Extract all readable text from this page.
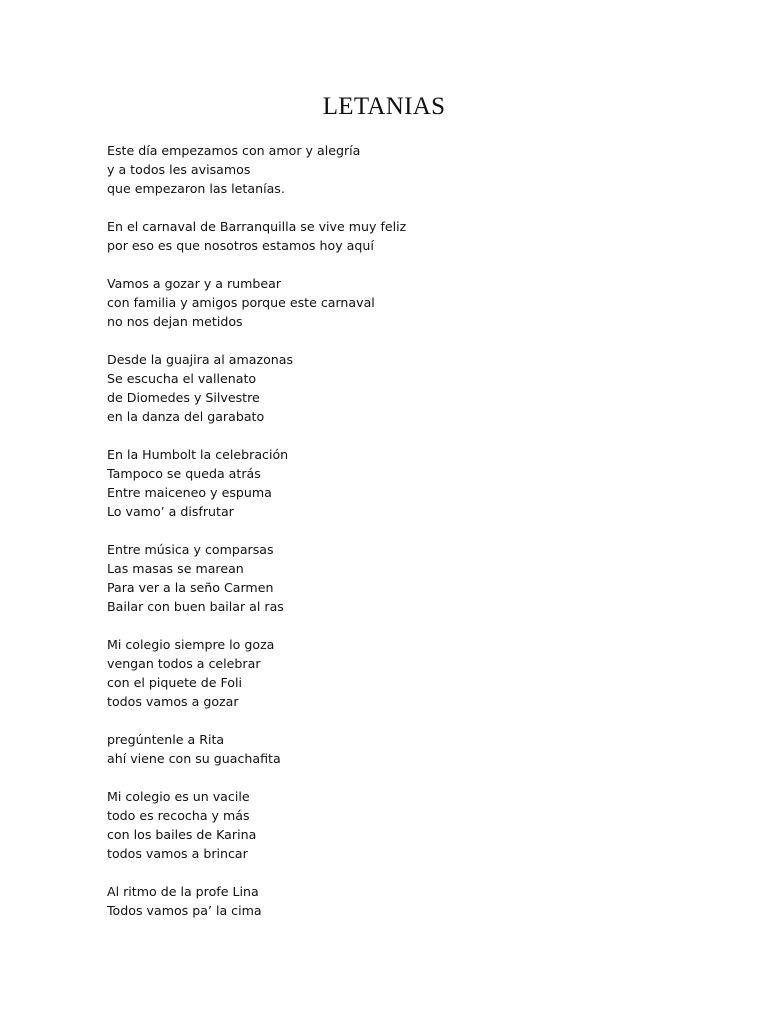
LETANIAS
Este día empezamos con amor y alegría
y a todos les avisamos
que empezaron las letanías.
En el carnaval de Barranquilla se vive muy feliz
por eso es que nosotros estamos hoy aquí
Vamos a gozar y a rumbear
con familia y amigos porque este carnaval
no nos dejan metidos
Desde la guajira al amazonas
Se escucha el vallenato
de Diomedes y Silvestre
en la danza del garabato
En la Humbolt la celebración
Tampoco se queda atrás
Entre maiceneo y espuma
Lo vamo’ a disfrutar
Entre música y comparsas
Las masas se marean
Para ver a la seño Carmen
Bailar con buen bailar al ras
Mi colegio siempre lo goza
vengan todos a celebrar
con el piquete de Foli
todos vamos a gozar
pregúntenle a Rita
ahí viene con su guachafita
Mi colegio es un vacile
todo es recocha y más
con los bailes de Karina
todos vamos a brincar
Al ritmo de la profe Lina
Todos vamos pa’ la cima
